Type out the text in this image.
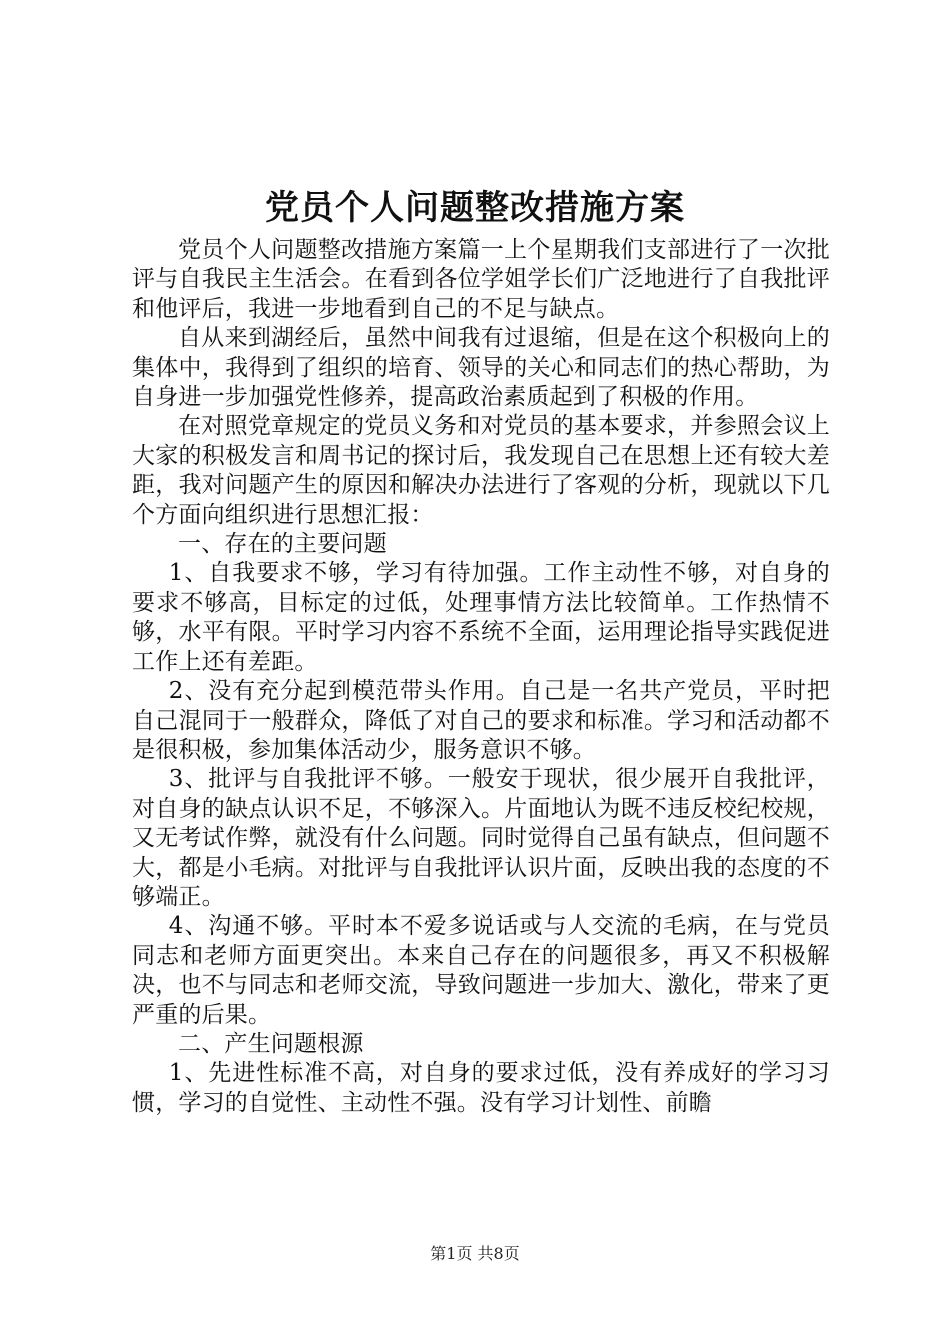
党员个人问题整改措施方案

党员个人问题整改措施方案篇一上个星期我们支部进行了一次批评与自我民主生活会。在看到各位学姐学长们广泛地进行了自我批评和他评后，我进一步地看到自己的不足与缺点。

自从来到湖经后，虽然中间我有过退缩，但是在这个积极向上的集体中，我得到了组织的培育、领导的关心和同志们的热心帮助，为自身进一步加强党性修养，提高政治素质起到了积极的作用。

在对照党章规定的党员义务和对党员的基本要求，并参照会议上大家的积极发言和周书记的探讨后，我发现自己在思想上还有较大差距，我对问题产生的原因和解决办法进行了客观的分析，现就以下几个方面向组织进行思想汇报：

一、存在的主要问题

1、自我要求不够，学习有待加强。工作主动性不够，对自身的要求不够高，目标定的过低，处理事情方法比较简单。工作热情不够，水平有限。平时学习内容不系统不全面，运用理论指导实践促进工作上还有差距。

2、没有充分起到模范带头作用。自己是一名共产党员，平时把自己混同于一般群众，降低了对自己的要求和标准。学习和活动都不是很积极，参加集体活动少，服务意识不够。

3、批评与自我批评不够。一般安于现状，很少展开自我批评，对自身的缺点认识不足，不够深入。片面地认为既不违反校纪校规，又无考试作弊，就没有什么问题。同时觉得自己虽有缺点，但问题不大，都是小毛病。对批评与自我批评认识片面，反映出我的态度的不够端正。

4、沟通不够。平时本不爱多说话或与人交流的毛病，在与党员同志和老师方面更突出。本来自己存在的问题很多，再又不积极解决，也不与同志和老师交流，导致问题进一步加大、激化，带来了更严重的后果。

二、产生问题根源

1、先进性标准不高，对自身的要求过低，没有养成好的学习习惯，学习的自觉性、主动性不强。没有学习计划性、前瞻

第1页 共8页
